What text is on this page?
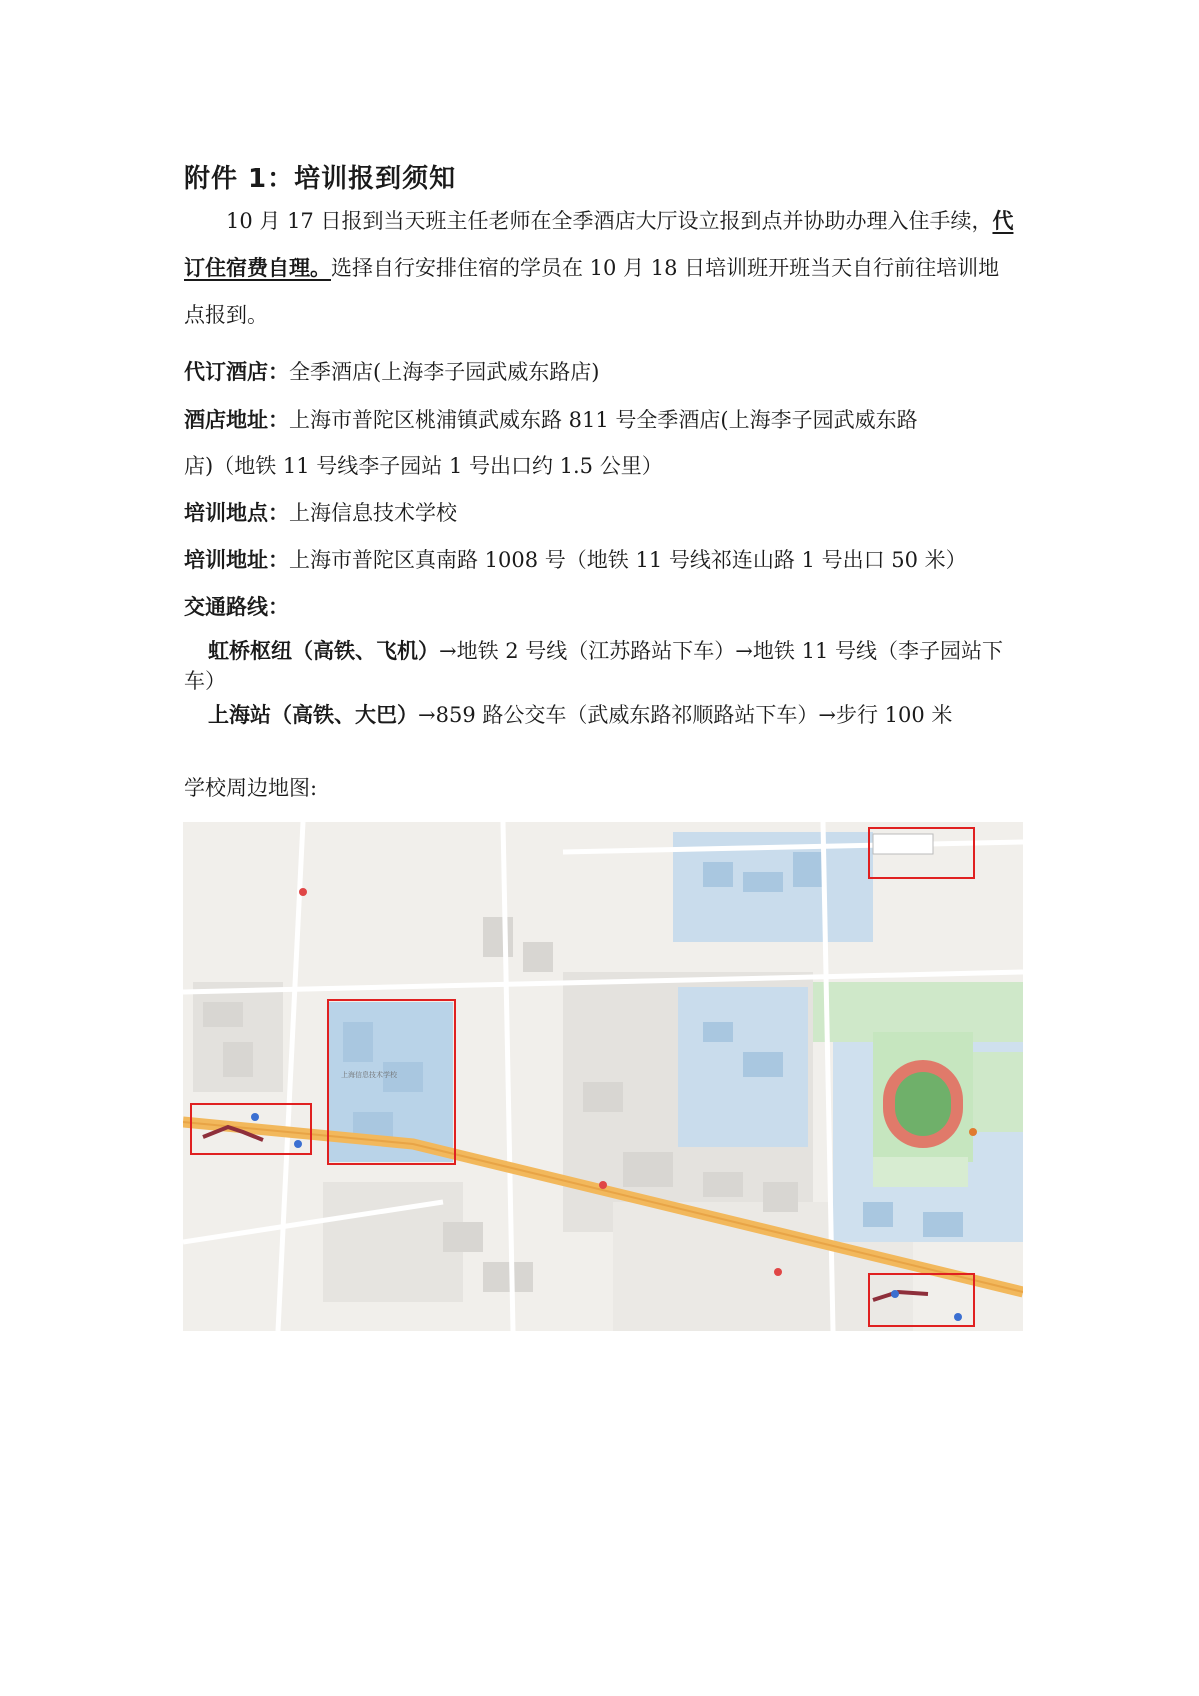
附件 1：培训报到须知
10 月 17 日报到当天班主任老师在全季酒店大厅设立报到点并协助办理入住手续，代订住宿费自理。选择自行安排住宿的学员在 10 月 18 日培训班开班当天自行前往培训地点报到。
代订酒店：全季酒店(上海李子园武威东路店)
酒店地址：上海市普陀区桃浦镇武威东路 811 号全季酒店(上海李子园武威东路
店)（地铁 11 号线李子园站 1 号出口约 1.5 公里）
培训地点：上海信息技术学校
培训地址：上海市普陀区真南路 1008 号（地铁 11 号线祁连山路 1 号出口 50 米）
交通路线：
虹桥枢纽（高铁、飞机）→地铁 2 号线（江苏路站下车）→地铁 11 号线（李子园站下车）
上海站（高铁、大巴）→859 路公交车（武威东路祁顺路站下车）→步行 100 米
学校周边地图:
上海信息技术学校
